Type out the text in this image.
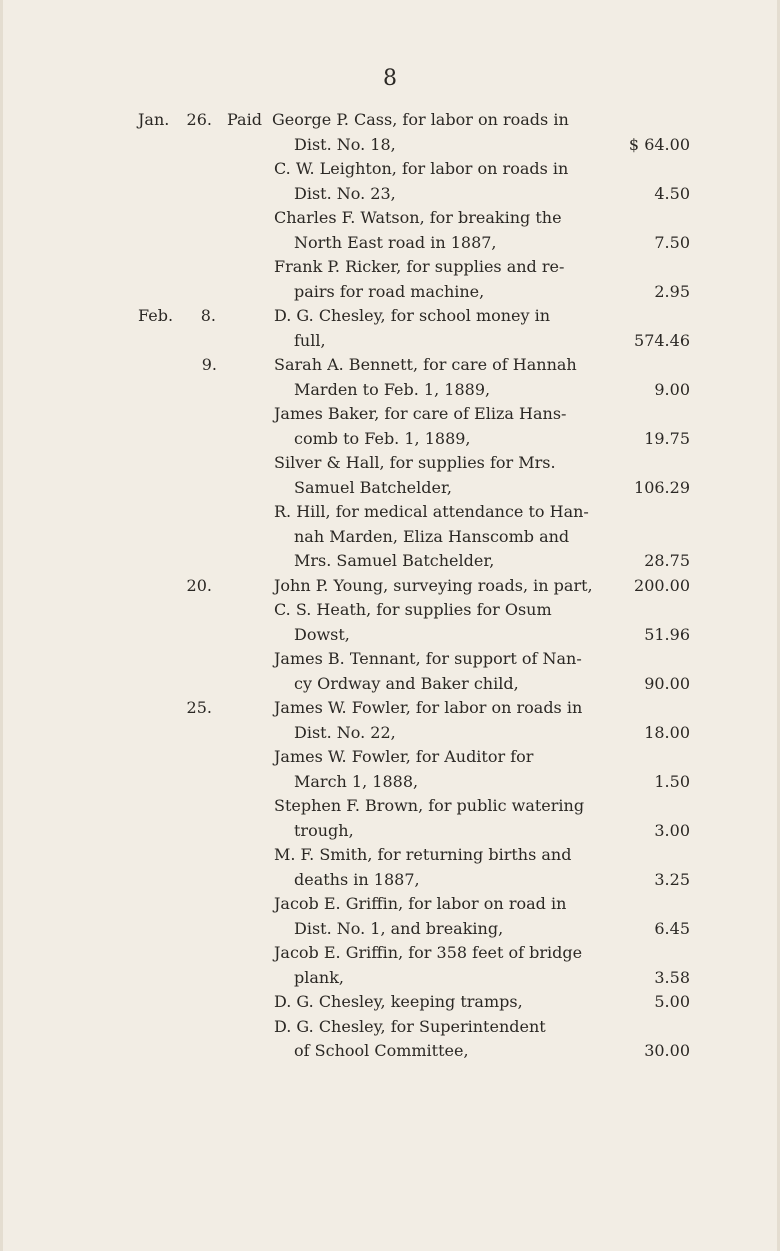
8
Jan.	26. Paid George P. Cass, for labor on roads in
Dist. No. 18,	$ 64.00
C. W. Leighton, for labor on roads in
Dist. No. 23,	4.50
Charles F. Watson, for breaking the
North East road in 1887,	7.50
Frank P. Ricker, for supplies and re-
pairs for road machine,	2.95
Feb.	8.	D. G. Chesley, for school money in
full,	574.46
9.	Sarah A. Bennett, for care of Hannah
Marden to Feb. 1, 1889,	9.00
James Baker, for care of Eliza Hans-
comb to Feb. 1, 1889,	19.75
Silver & Hall, for supplies for Mrs.
Samuel Batchelder,	106.29
R. Hill, for medical attendance to Han-
nah Marden, Eliza Hanscomb and
Mrs. Samuel Batchelder,	28.75
20.	John P. Young, surveying roads, in part,	200.00
C. S. Heath, for supplies for Osum
Dowst,	51.96
James B. Tennant, for support of Nan-
cy Ordway and Baker child,	90.00
25.	James W. Fowler, for labor on roads in
Dist. No. 22,	18.00
James W. Fowler, for Auditor for
March 1, 1888,	1.50
Stephen F. Brown, for public watering
trough,	3.00
M. F. Smith, for returning births and
deaths in 1887,	3.25
Jacob E. Griffin, for labor on road in
Dist. No. 1, and breaking,	6.45
Jacob E. Griffin, for 358 feet of bridge
plank,	3.58
D. G. Chesley, keeping tramps,	5.00
D. G. Chesley, for Superintendent
of School Committee,	30.00
